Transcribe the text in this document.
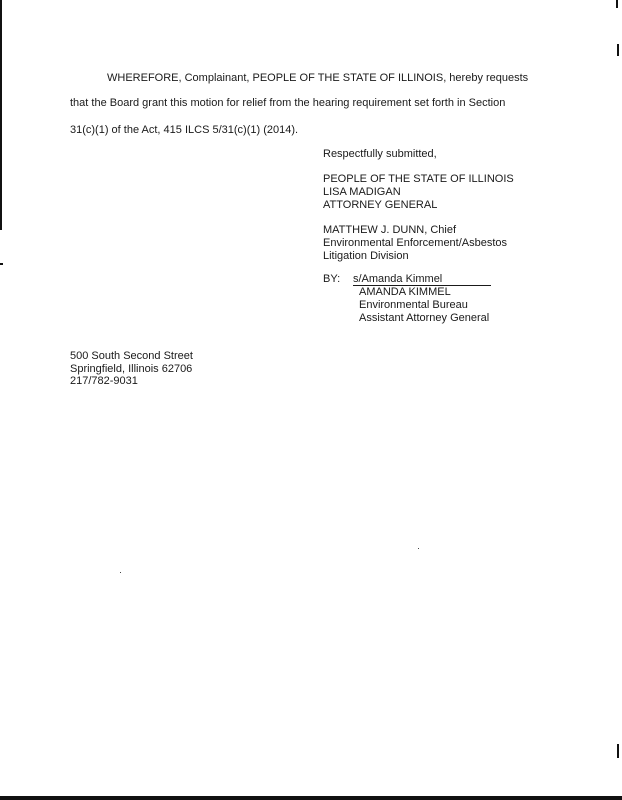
WHEREFORE, Complainant, PEOPLE OF THE STATE OF ILLINOIS, hereby requests
that the Board grant this motion for relief from the hearing requirement set forth in Section
31(c)(1) of the Act, 415 ILCS 5/31(c)(1) (2014).
Respectfully submitted,
PEOPLE OF THE STATE OF ILLINOIS
LISA MADIGAN
ATTORNEY GENERAL
MATTHEW J. DUNN, Chief
Environmental Enforcement/Asbestos
Litigation Division
BY: s/Amanda Kimmel
AMANDA KIMMEL
Environmental Bureau
Assistant Attorney General
500 South Second Street
Springfield, Illinois 62706
217/782-9031
